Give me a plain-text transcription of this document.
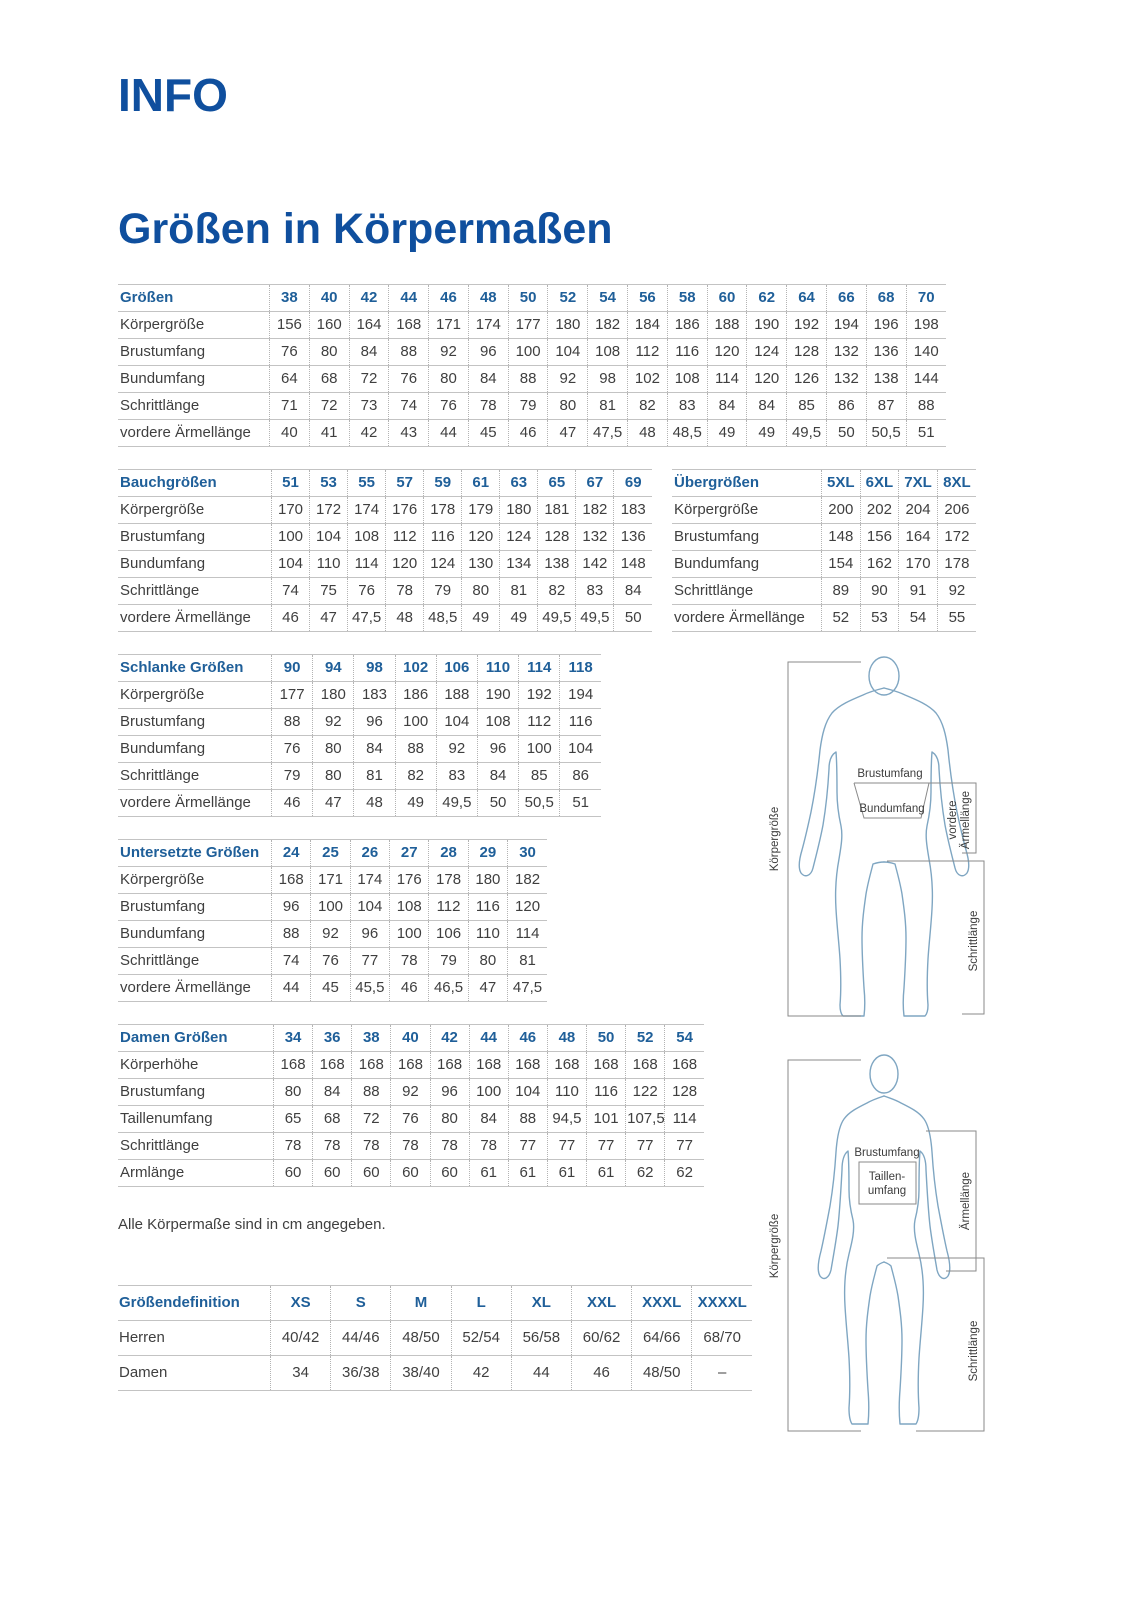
INFO
Größen in Körpermaßen
Größen	38	40	42	44	46	48	50	52	54	56	58	60	62	64	66	68	70
Körpergröße	156	160	164	168	171	174	177	180	182	184	186	188	190	192	194	196	198
Brustumfang	76	80	84	88	92	96	100	104	108	112	116	120	124	128	132	136	140
Bundumfang	64	68	72	76	80	84	88	92	98	102	108	114	120	126	132	138	144
Schrittlänge	71	72	73	74	76	78	79	80	81	82	83	84	84	85	86	87	88
vordere Ärmellänge	40	41	42	43	44	45	46	47	47,5	48	48,5	49	49	49,5	50	50,5	51
Bauchgrößen	51	53	55	57	59	61	63	65	67	69
Körpergröße	170	172	174	176	178	179	180	181	182	183
Brustumfang	100	104	108	112	116	120	124	128	132	136
Bundumfang	104	110	114	120	124	130	134	138	142	148
Schrittlänge	74	75	76	78	79	80	81	82	83	84
vordere Ärmellänge	46	47	47,5	48	48,5	49	49	49,5	49,5	50
Übergrößen	5XL	6XL	7XL	8XL
Körpergröße	200	202	204	206
Brustumfang	148	156	164	172
Bundumfang	154	162	170	178
Schrittlänge	89	90	91	92
vordere Ärmellänge	52	53	54	55
Schlanke Größen	90	94	98	102	106	110	114	118
Körpergröße	177	180	183	186	188	190	192	194
Brustumfang	88	92	96	100	104	108	112	116
Bundumfang	76	80	84	88	92	96	100	104
Schrittlänge	79	80	81	82	83	84	85	86
vordere Ärmellänge	46	47	48	49	49,5	50	50,5	51
Untersetzte Größen	24	25	26	27	28	29	30
Körpergröße	168	171	174	176	178	180	182
Brustumfang	96	100	104	108	112	116	120
Bundumfang	88	92	96	100	106	110	114
Schrittlänge	74	76	77	78	79	80	81
vordere Ärmellänge	44	45	45,5	46	46,5	47	47,5
Damen Größen	34	36	38	40	42	44	46	48	50	52	54
Körperhöhe	168	168	168	168	168	168	168	168	168	168	168
Brustumfang	80	84	88	92	96	100	104	110	116	122	128
Taillenumfang	65	68	72	76	80	84	88	94,5	101	107,5	114
Schrittlänge	78	78	78	78	78	78	77	77	77	77	77
Armlänge	60	60	60	60	60	61	61	61	61	62	62
Alle Körpermaße sind in cm angegeben.
Größendefinition	XS	S	M	L	XL	XXL	XXXL	XXXXL
Herren	40/42	44/46	48/50	52/54	56/58	60/62	64/66	68/70
Damen	34	36/38	38/40	42	44	46	48/50	–
Körpergröße
Brustumfang
Bundumfang vordere Ärmellänge
Schrittlänge
Körpergröße
Brustumfang
Taillen-
umfang	Ärmellänge
Schrittlänge
